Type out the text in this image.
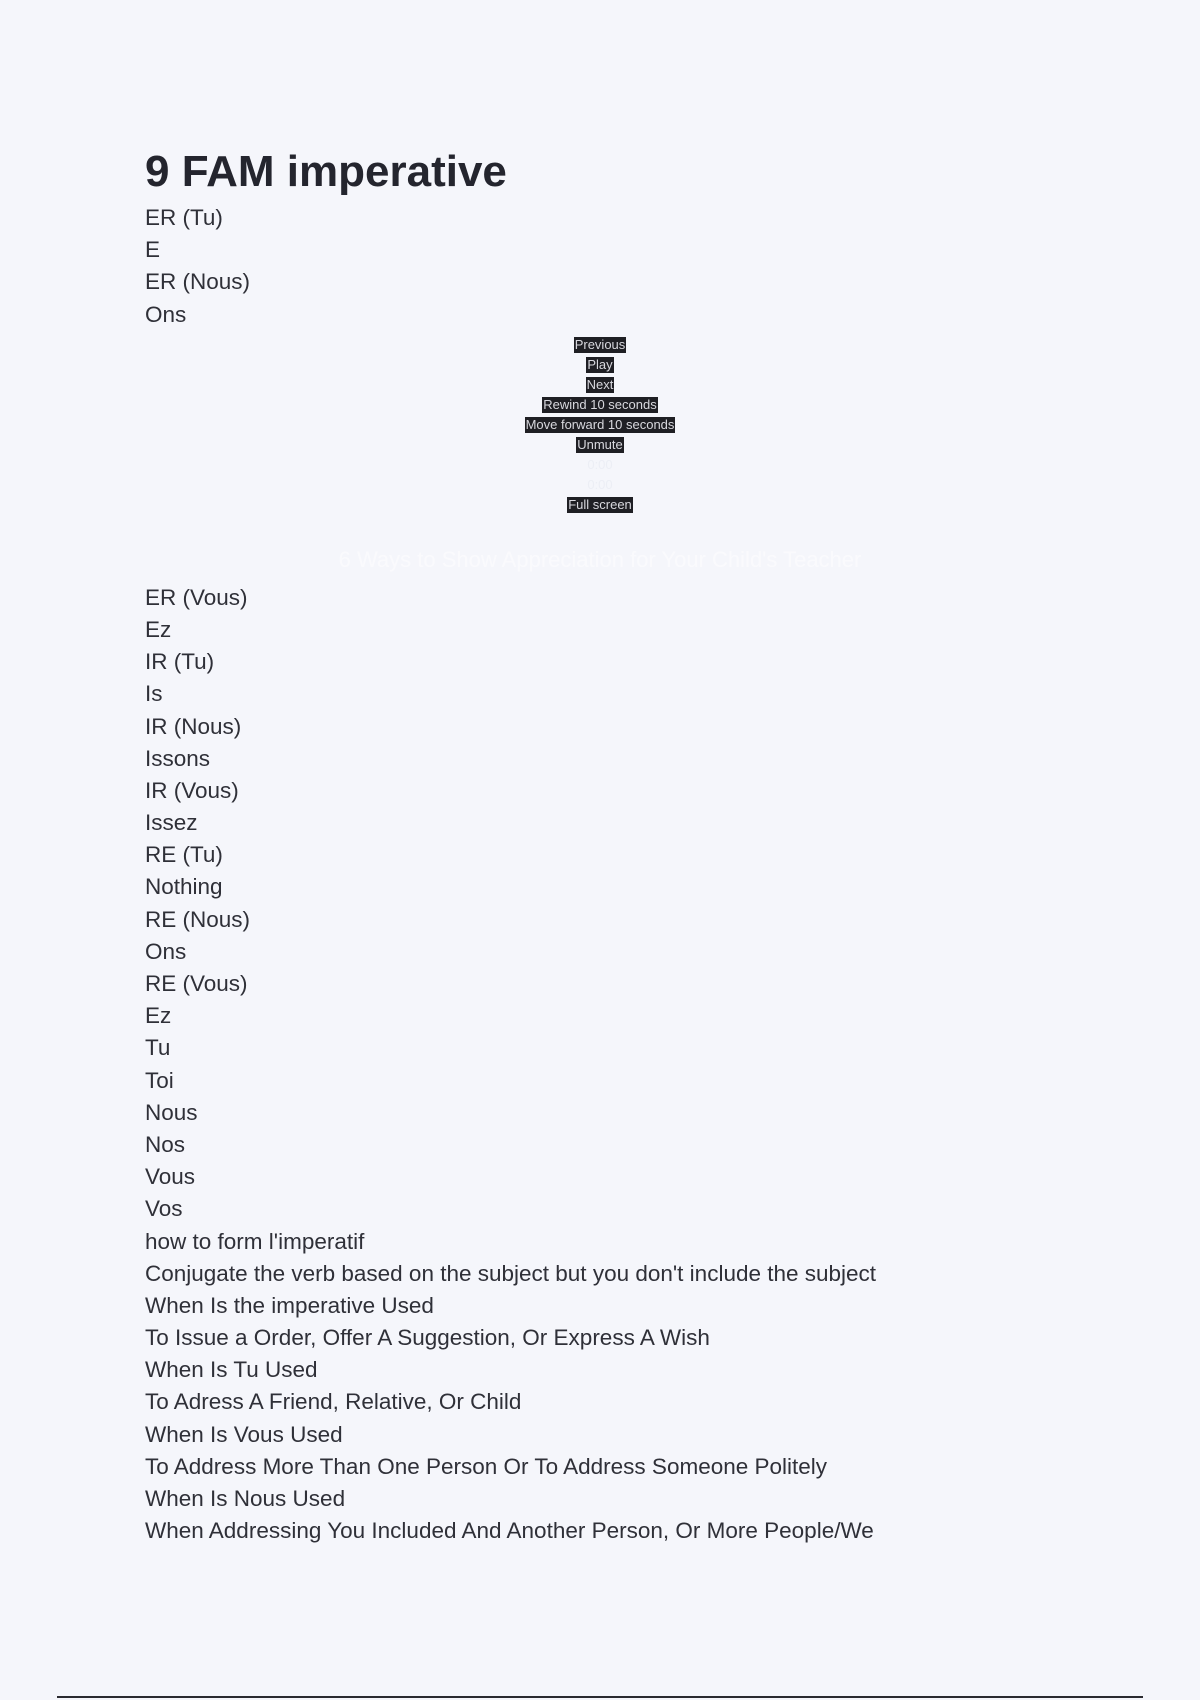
9 FAM imperative
ER (Tu)
E
ER (Nous)
Ons
Previous
Play
Next
Rewind 10 seconds
Move forward 10 seconds
Unmute
0:00
0:00
Full screen
6 Ways to Show Appreciation for Your Child's Teacher
ER (Vous)
Ez
IR (Tu)
Is
IR (Nous)
Issons
IR (Vous)
Issez
RE (Tu)
Nothing
RE (Nous)
Ons
RE (Vous)
Ez
Tu
Toi
Nous
Nos
Vous
Vos
how to form l'imperatif
Conjugate the verb based on the subject but you don't include the subject
When Is the imperative Used
To Issue a Order, Offer A Suggestion, Or Express A Wish
When Is Tu Used
To Adress A Friend, Relative, Or Child
When Is Vous Used
To Address More Than One Person Or To Address Someone Politely
When Is Nous Used
When Addressing You Included And Another Person, Or More People/We
